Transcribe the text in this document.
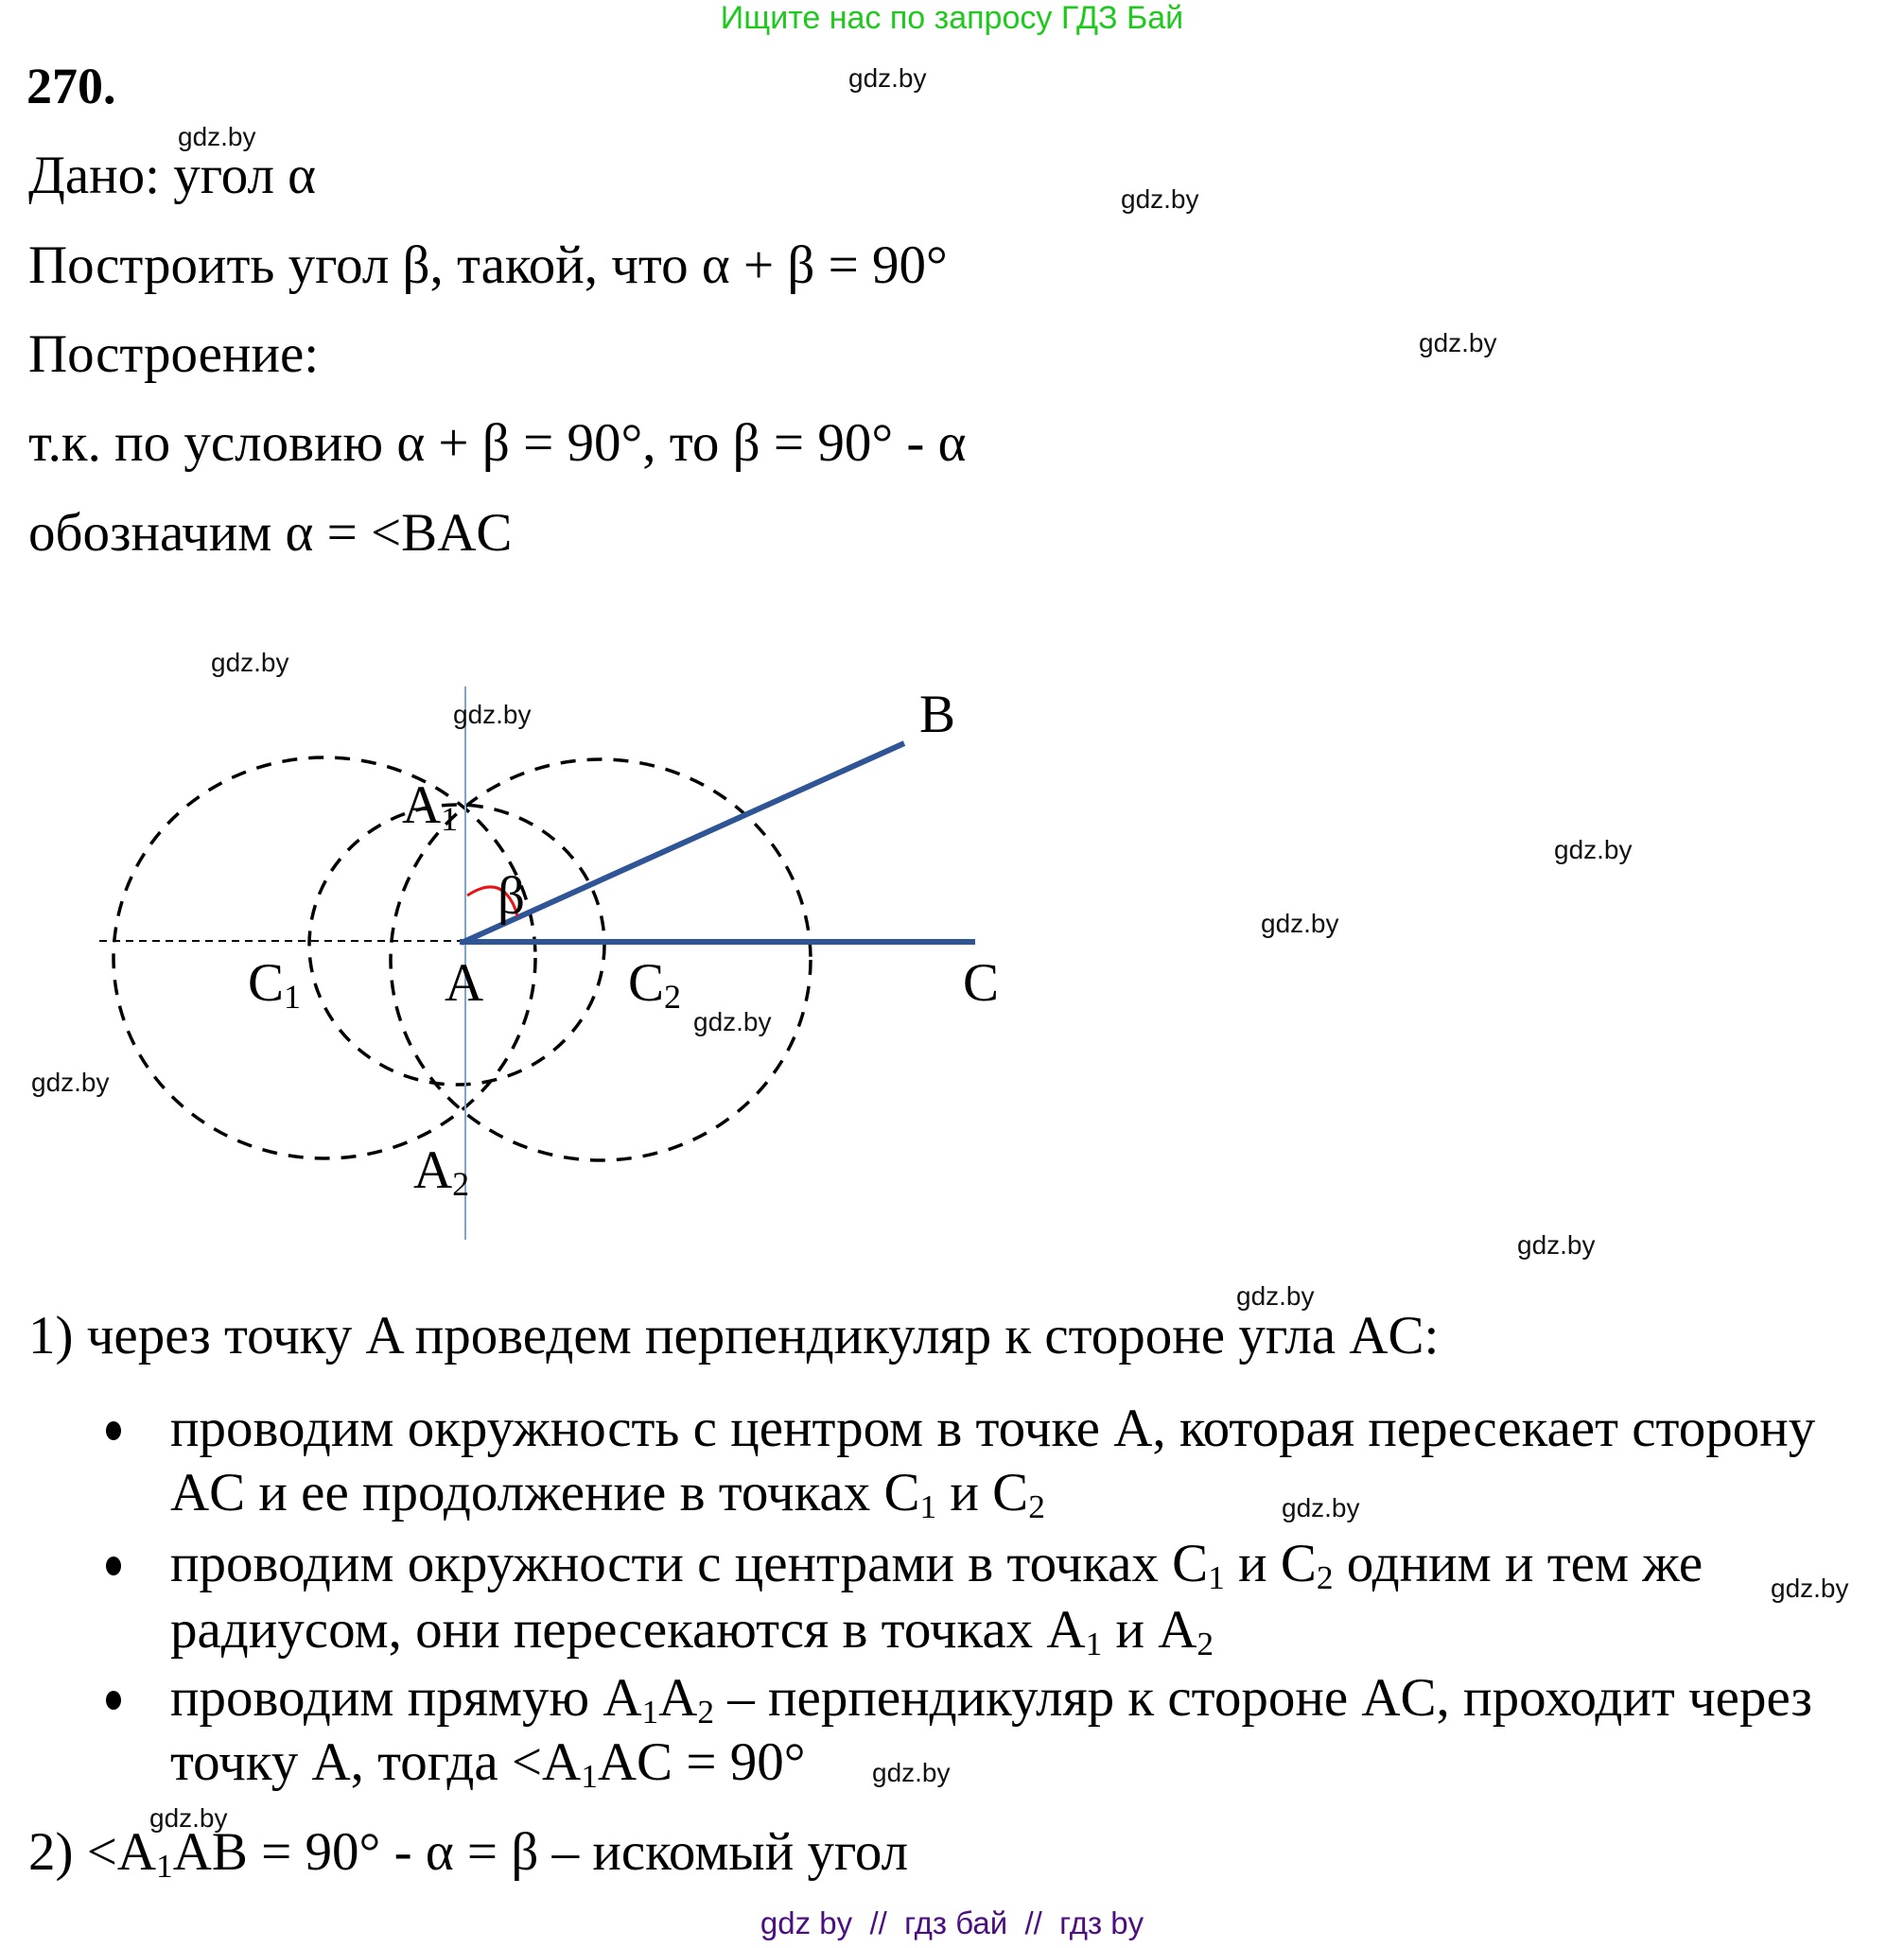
Ищите нас по запросу ГДЗ Бай
B
C
A
C1	C2
A1
A2
β
270.
Дано: угол α
Построить угол β, такой, что α + β = 90°
Построение:
т.к. по условию α + β = 90°, то β = 90° - α
обозначим α = <BAC
1) через точку A проведем перпендикуляр к стороне угла AC:
проводим окружность с центром в точке A, которая пересекает сторону
AC и ее продолжение в точках $C_1$ и $C_2$
проводим окружности с центрами в точках $C_1$ и $C_2$ одним и тем же
радиусом, они пересекаются в точках $A_1$ и $A_2$
проводим прямую $A_1A_2$ – перпендикуляр к стороне AC, проходит через
точку A, тогда $<A_1AC = 90^\circ$
$2) <A_1AB = 90^\circ - \alpha = \beta$ – искомый угол
gdz.by
gdz.by
gdz.by
gdz.by
gdz.by
gdz.by
gdz.by
gdz.by
gdz.by
gdz.by
gdz.by
gdz.by
gdz.by
gdz.by
gdz.by
gdz.by
gdz by  //  гдз бай  //  гдз by
